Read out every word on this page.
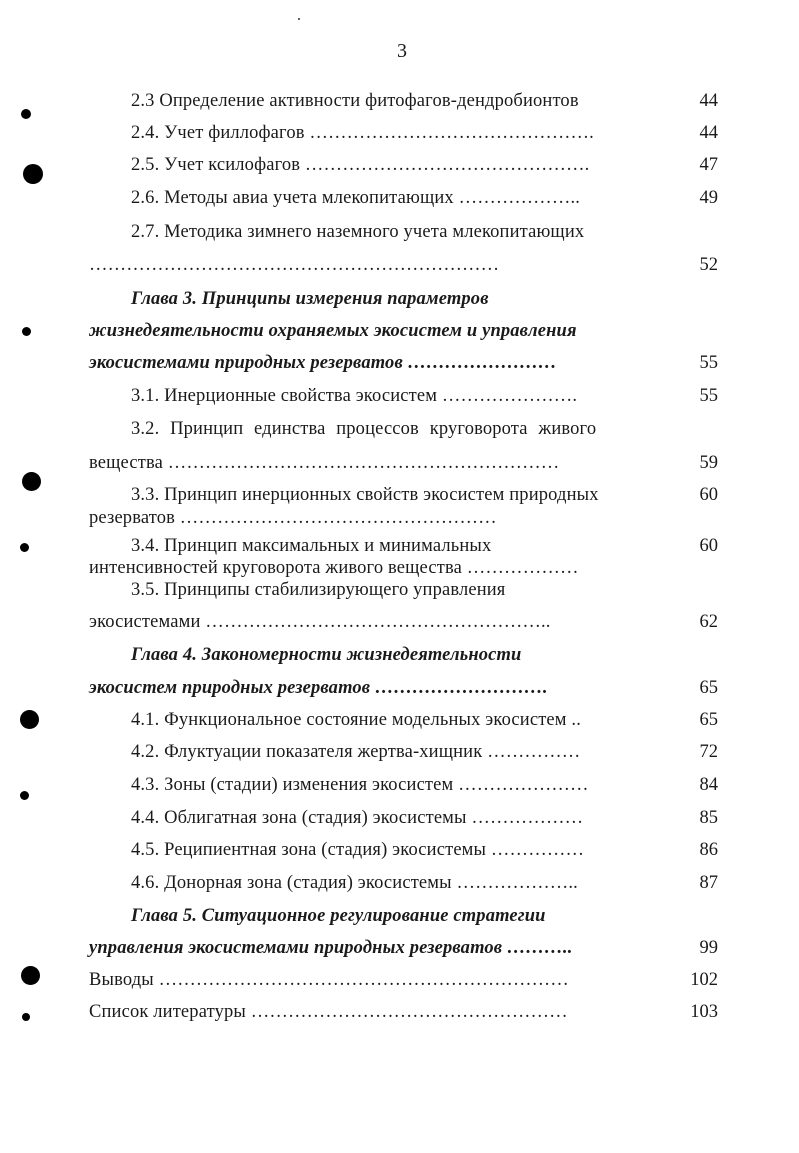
3
2.3 Определение активности фитофагов-дендробионтов	44
2.4. Учет филлофагов ……………………………………….	44
2.5. Учет ксилофагов ……………………………………….	47
2.6. Методы авиа учета млекопитающих ………………..	49
2.7. Методика зимнего наземного учета млекопитающих
…………………………………………………………	52
Глава 3. Принципы измерения параметров
жизнедеятельности охраняемых экосистем и управления
экосистемами природных резерватов ……………………	55
3.1. Инерционные свойства экосистем ………………….	55
3.2. Принцип единства процессов круговорота живого
вещества ………………………………………………………	59
3.3. Принцип инерционных свойств экосистем природных	60
резерватов ……………………………………………
3.4. Принцип максимальных и минимальных	60
интенсивностей круговорота живого вещества ………………
3.5. Принципы стабилизирующего управления
экосистемами ………………………………………………..	62
Глава 4. Закономерности жизнедеятельности
экосистем природных резерватов ……………………….	65
4.1. Функциональное состояние модельных экосистем ..	65
4.2. Флуктуации показателя жертва-хищник ……………	72
4.3. Зоны (стадии) изменения экосистем …………………	84
4.4. Облигатная зона (стадия) экосистемы ………………	85
4.5. Реципиентная зона (стадия) экосистемы ……………	86
4.6. Донорная зона (стадия) экосистемы ………………..	87
Глава 5. Ситуационное регулирование стратегии
управления экосистемами природных резерватов ………..	99
Выводы …………………………………………………………	102
Список литературы ……………………………………………	103
